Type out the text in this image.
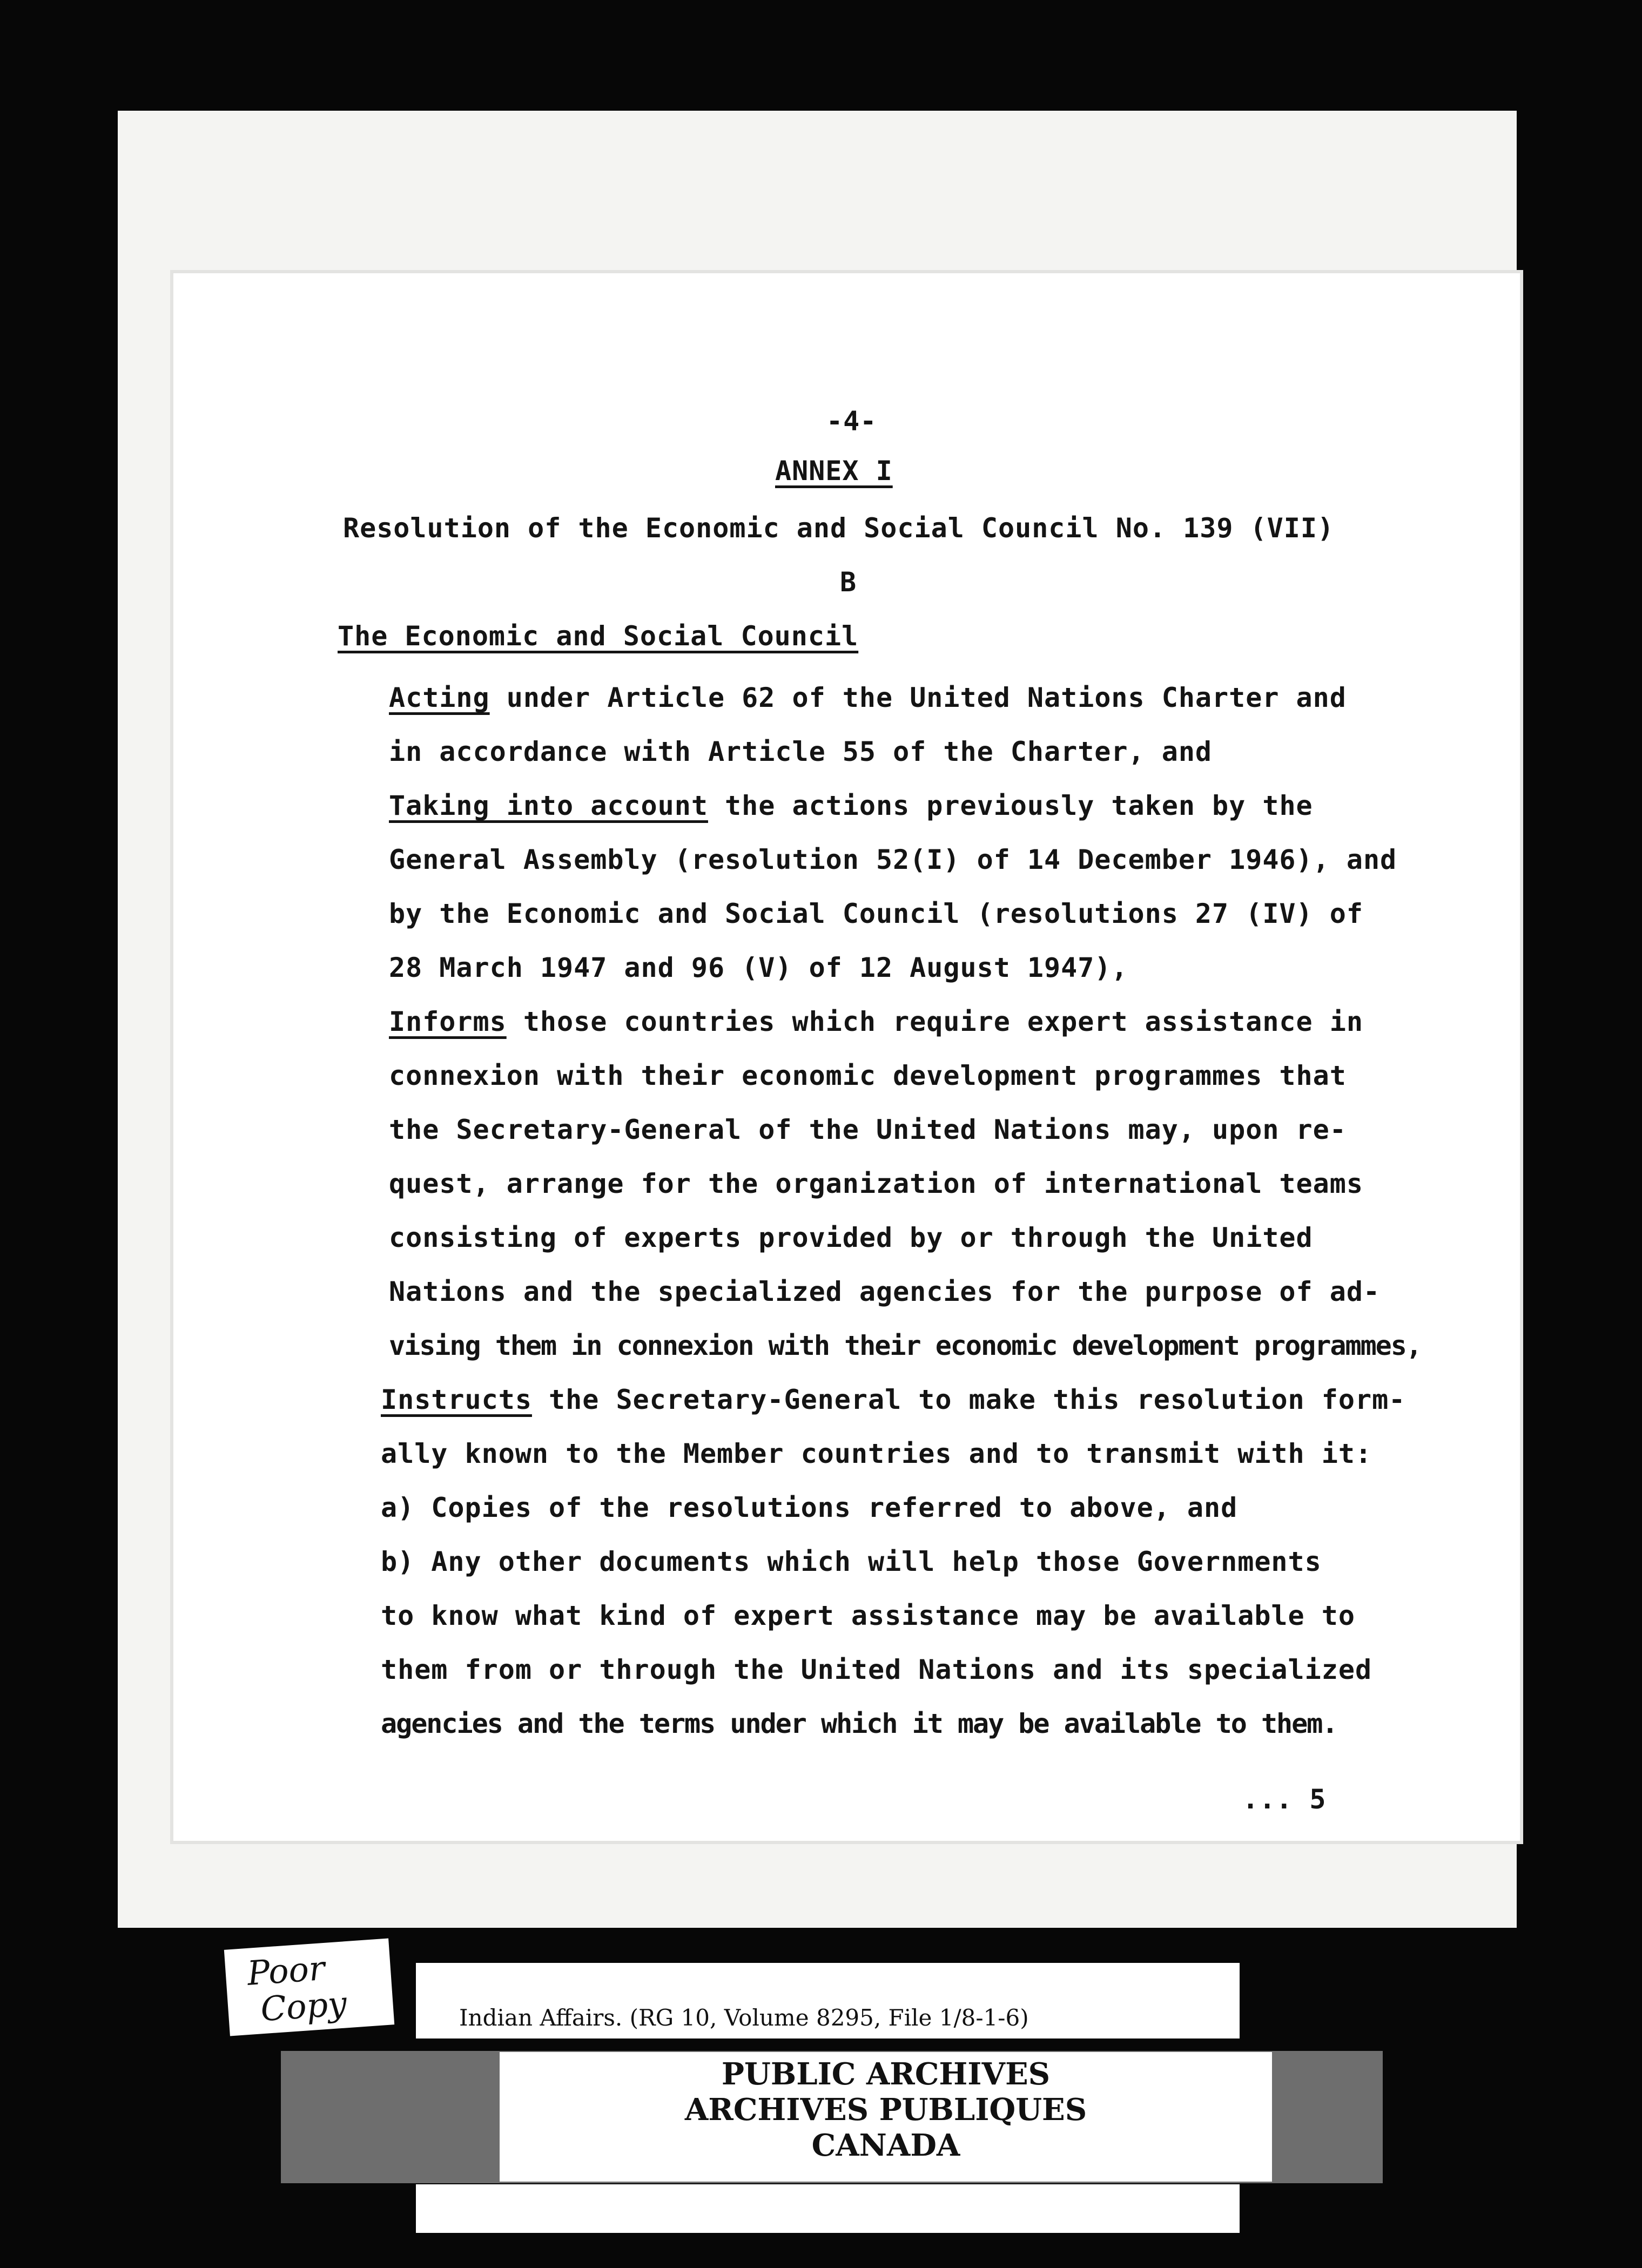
-4-
ANNEX I
Resolution of the Economic and Social Council No. 139 (VII)
B
The Economic and Social Council
Acting under Article 62 of the United Nations Charter and
in accordance with Article 55 of the Charter, and
Taking into account the actions previously taken by the
General Assembly (resolution 52(I) of 14 December 1946), and
by the Economic and Social Council (resolutions 27 (IV) of
28 March 1947 and 96 (V) of 12 August 1947),
Informs those countries which require expert assistance in
connexion with their economic development programmes that
the Secretary-General of the United Nations may, upon re-
quest, arrange for the organization of international teams
consisting of experts provided by or through the United
Nations and the specialized agencies for the purpose of ad-
vising them in connexion with their economic development programmes,
Instructs the Secretary-General to make this resolution form-
ally known to the Member countries and to transmit with it:
a) Copies of the resolutions referred to above, and
b) Any other documents which will help those Governments
to know what kind of expert assistance may be available to
them from or through the United Nations and its specialized
agencies and the terms under which it may be available to them.
... 5
Poor
Copy	Indian Affairs. (RG 10, Volume 8295, File 1/8-1-6)
PUBLIC ARCHIVES
ARCHIVES PUBLIQUES
CANADA
